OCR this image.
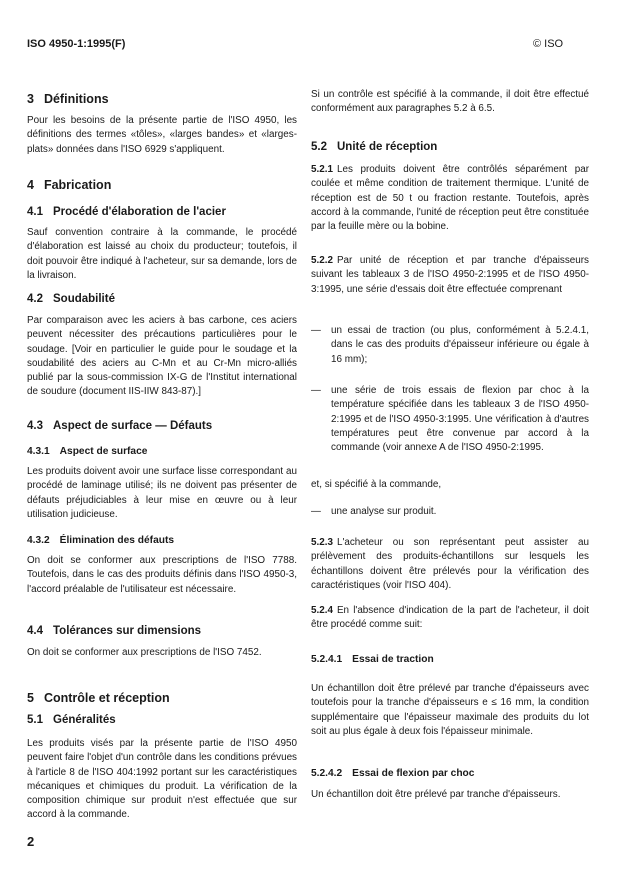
ISO 4950-1:1995(F)	© ISO
3 Définitions

Pour les besoins de la présente partie de l'ISO 4950, les définitions des termes «tôles», «larges bandes» et «larges-plats» données dans l'ISO 6929 s'appliquent.

4 Fabrication
4.1 Procédé d'élaboration de l'acier

Sauf convention contraire à la commande, le procédé d'élaboration est laissé au choix du producteur; toutefois, il doit pouvoir être indiqué à l'acheteur, sur sa demande, lors de la livraison.

4.2 Soudabilité

Par comparaison avec les aciers à bas carbone, ces aciers peuvent nécessiter des précautions particulières pour le soudage. [Voir en particulier le guide pour le soudage et la soudabilité des aciers au C-Mn et au Cr-Mn micro-alliés publié par la sous-commission IX-G de l'Institut international de soudure (document IIS-IIW 843-87).]

4.3 Aspect de surface — Défauts
4.3.1 Aspect de surface

Les produits doivent avoir une surface lisse correspondant au procédé de laminage utilisé; ils ne doivent pas présenter de défauts préjudiciables à leur mise en œuvre ou à leur utilisation judicieuse.

4.3.2 Élimination des défauts

On doit se conformer aux prescriptions de l'ISO 7788. Toutefois, dans le cas des produits définis dans l'ISO 4950-3, l'accord préalable de l'utilisateur est nécessaire.

4.4 Tolérances sur dimensions

On doit se conformer aux prescriptions de l'ISO 7452.

5 Contrôle et réception
5.1 Généralités

Les produits visés par la présente partie de l'ISO 4950 peuvent faire l'objet d'un contrôle dans les conditions prévues à l'article 8 de l'ISO 404:1992 portant sur les caractéristiques mécaniques et chimiques du produit. La vérification de la composition chimique sur produit n'est effectuée que sur accord à la commande.

Si un contrôle est spécifié à la commande, il doit être effectué conformément aux paragraphes 5.2 à 6.5.

5.2 Unité de réception

5.2.1 Les produits doivent être contrôlés séparément par coulée et même condition de traitement thermique. L'unité de réception est de 50 t ou fraction restante. Toutefois, après accord à la commande, l'unité de réception peut être constituée par la feuille mère ou la bobine.

5.2.2 Par unité de réception et par tranche d'épaisseurs suivant les tableaux 3 de l'ISO 4950-2:1995 et de l'ISO 4950-3:1995, une série d'essais doit être effectuée comprenant

—	un essai de traction (ou plus, conformément à 5.2.4.1, dans le cas des produits d'épaisseur inférieure ou égale à 16 mm);
—	une série de trois essais de flexion par choc à la température spécifiée dans les tableaux 3 de l'ISO 4950-2:1995 et de l'ISO 4950-3:1995. Une vérification à d'autres températures peut être convenue par accord à la commande (voir annexe A de l'ISO 4950-2:1995.

et, si spécifié à la commande,

—	une analyse sur produit.

5.2.3 L'acheteur ou son représentant peut assister au prélèvement des produits-échantillons sur lesquels les échantillons doivent être prélevés pour la vérification des caractéristiques (voir l'ISO 404).

5.2.4 En l'absence d'indication de la part de l'acheteur, il doit être procédé comme suit:

5.2.4.1 Essai de traction

Un échantillon doit être prélevé par tranche d'épaisseurs avec toutefois pour la tranche d'épaisseurs e ≤ 16 mm, la condition supplémentaire que l'épaisseur maximale des produits du lot soit au plus égale à deux fois l'épaisseur minimale.

5.2.4.2 Essai de flexion par choc

Un échantillon doit être prélevé par tranche d'épaisseurs.

2
